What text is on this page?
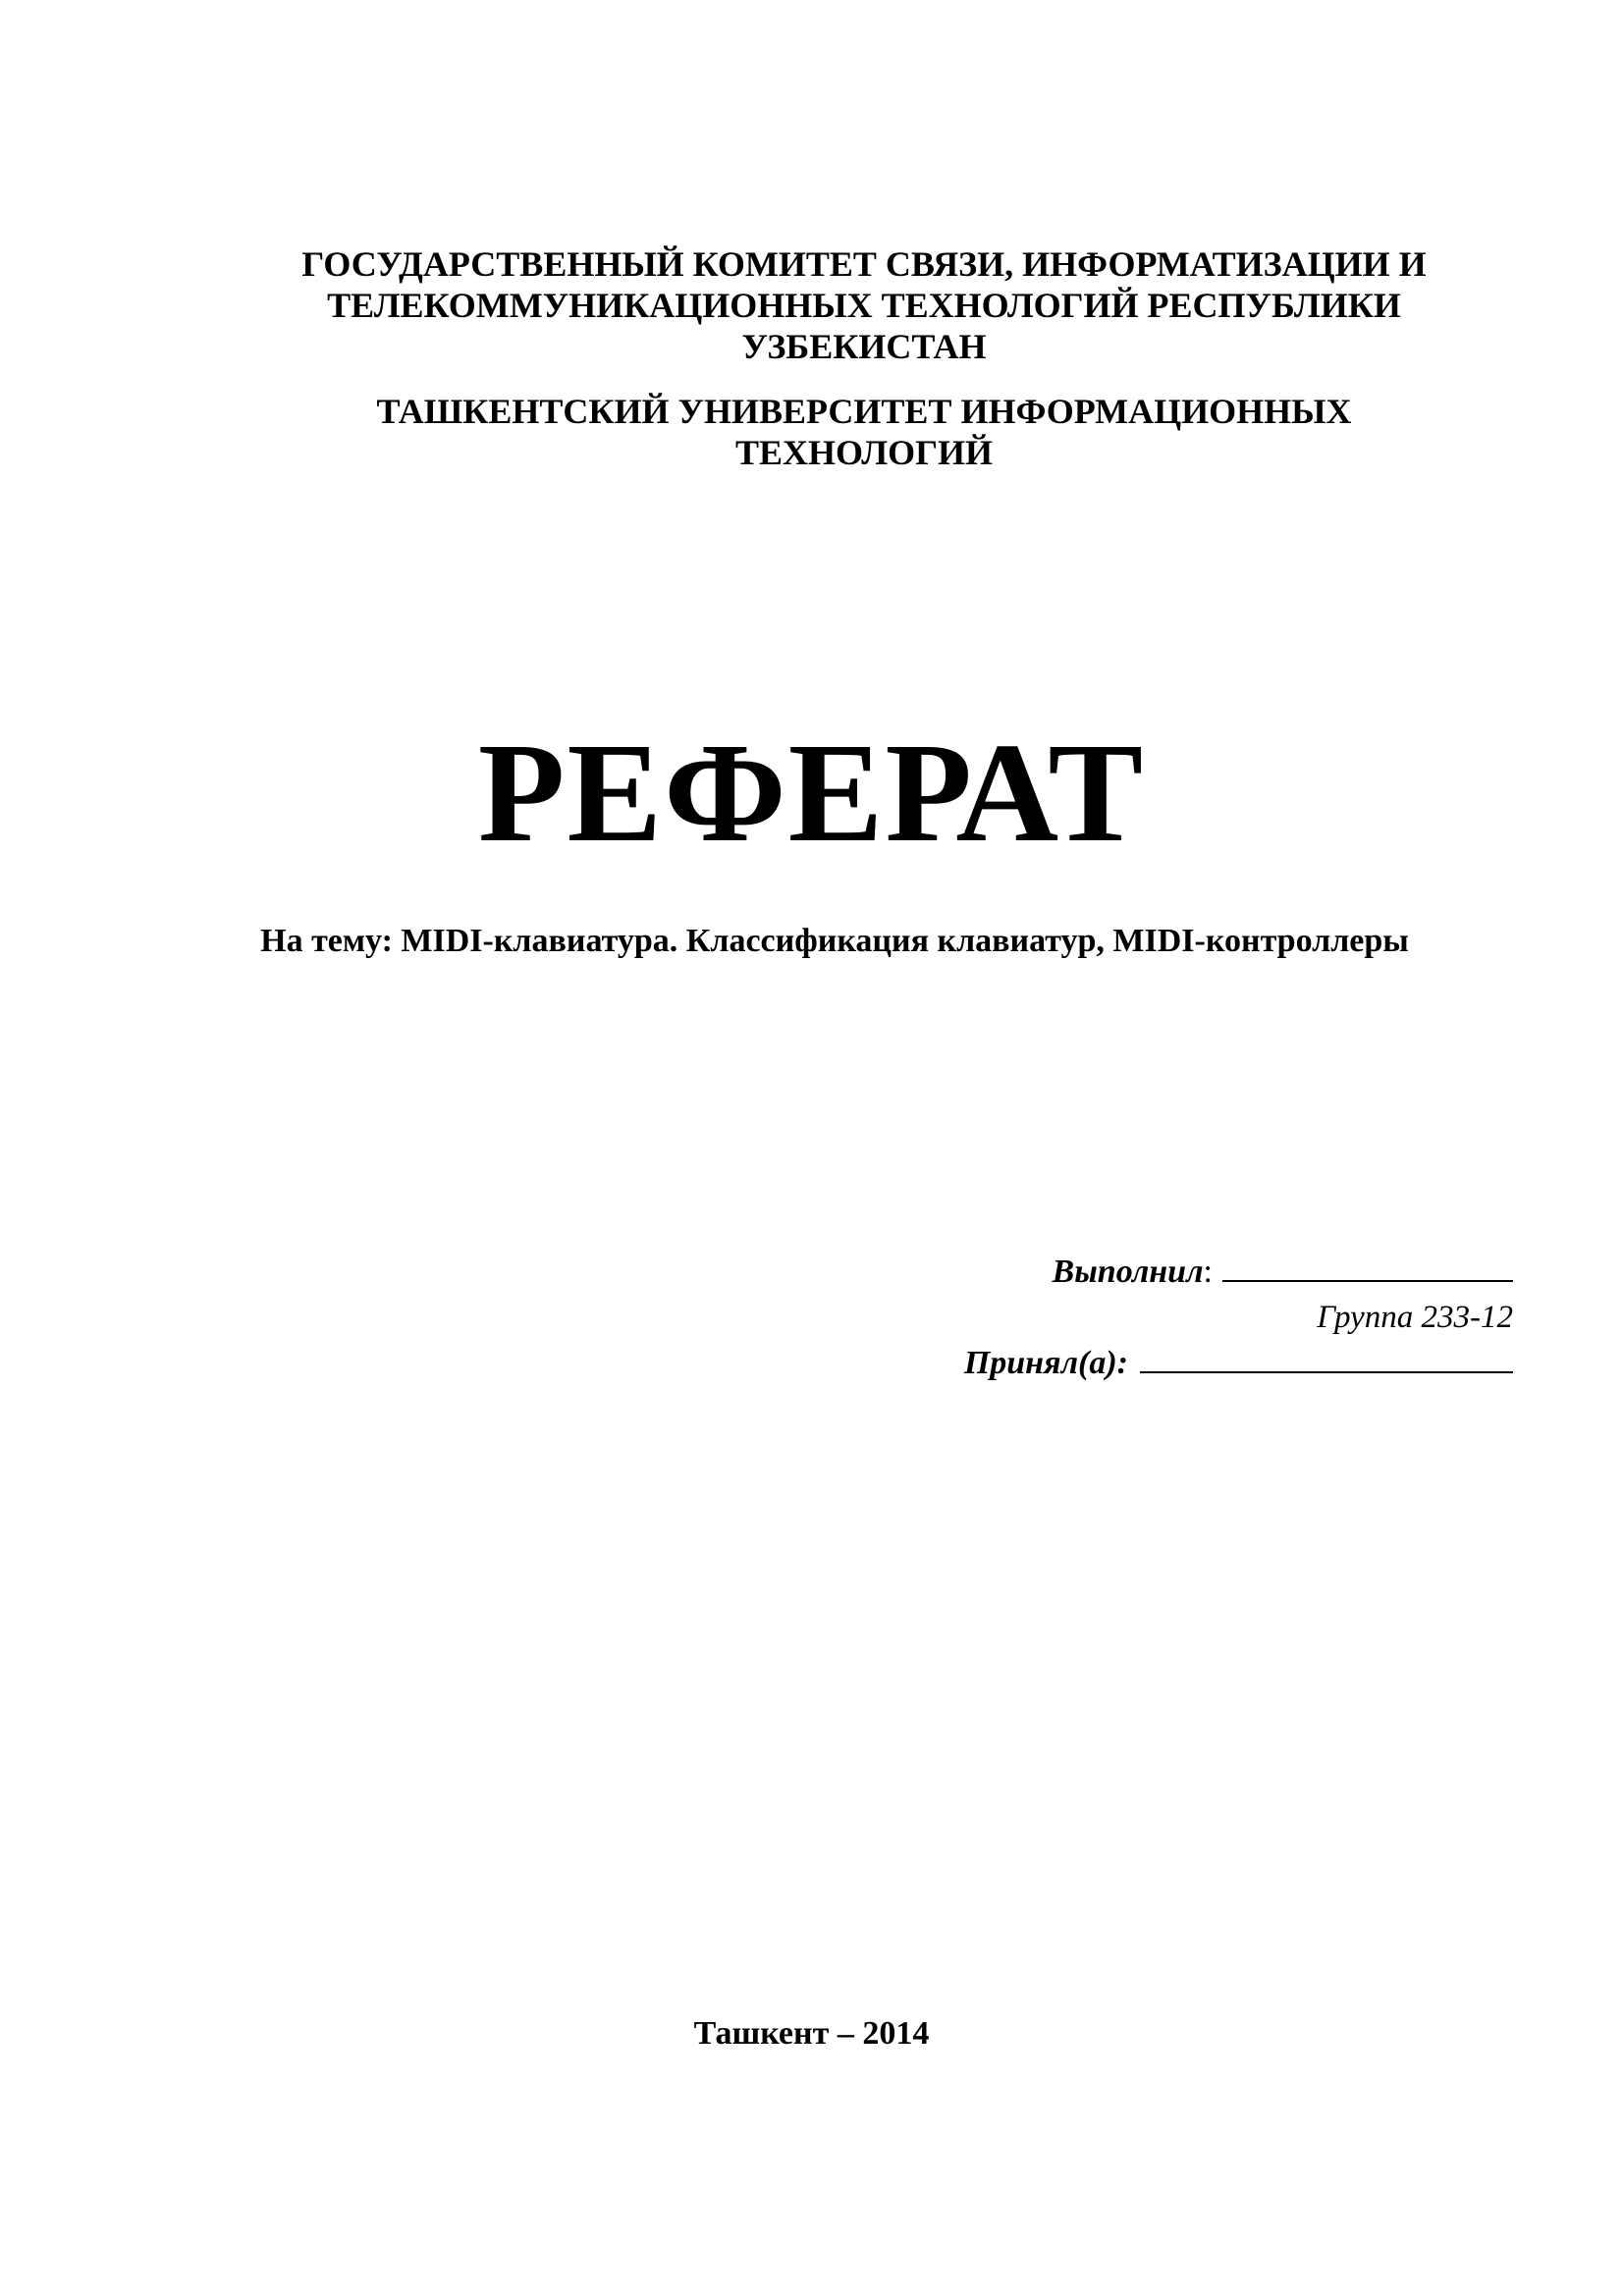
ГОСУДАРСТВЕННЫЙ КОМИТЕТ СВЯЗИ, ИНФОРМАТИЗАЦИИ И
ТЕЛЕКОММУНИКАЦИОННЫХ ТЕХНОЛОГИЙ РЕСПУБЛИКИ
УЗБЕКИСТАН
ТАШКЕНТСКИЙ УНИВЕРСИТЕТ ИНФОРМАЦИОННЫХ
ТЕХНОЛОГИЙ
РЕФЕРАТ
На тему: MIDI-клавиатура. Классификация клавиатур, MIDI-контроллеры
Выполнил:
Группа 233-12
Принял(а):
Ташкент – 2014
